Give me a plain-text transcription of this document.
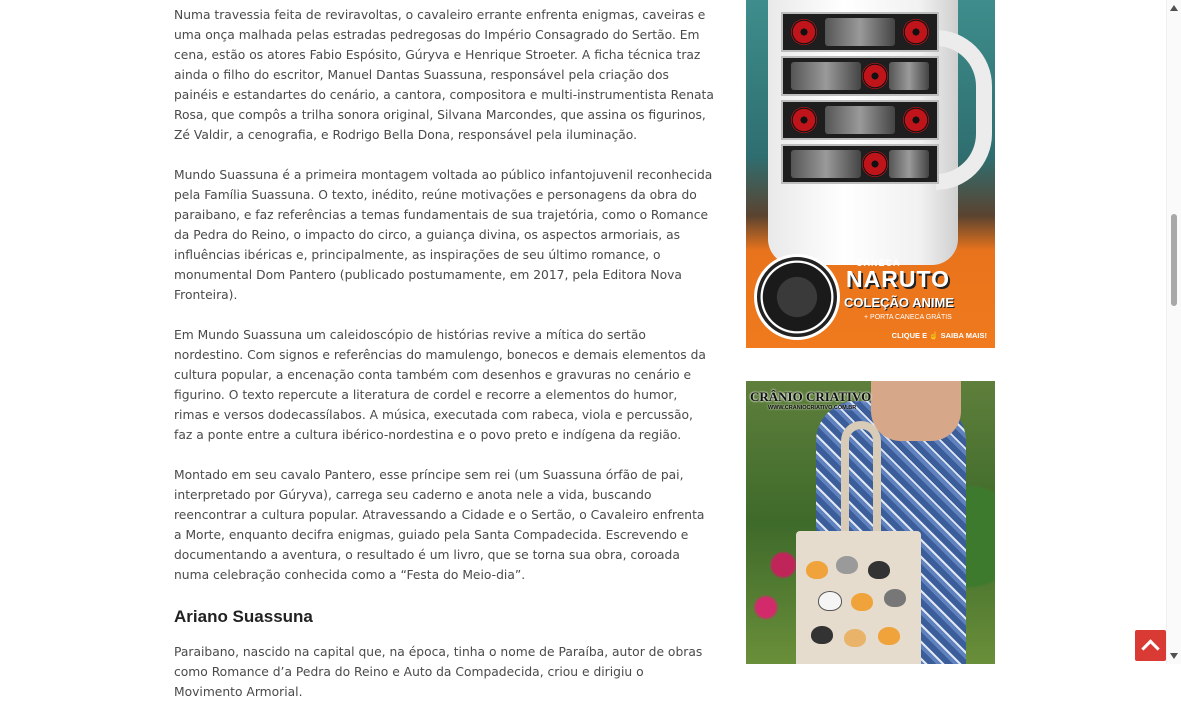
Numa travessia feita de reviravoltas, o cavaleiro errante enfrenta enigmas, caveiras e uma onça malhada pelas estradas pedregosas do Império Consagrado do Sertão. Em cena, estão os atores Fabio Espósito, Gúryva e Henrique Stroeter. A ficha técnica traz ainda o filho do escritor, Manuel Dantas Suassuna, responsável pela criação dos painéis e estandartes do cenário, a cantora, compositora e multi-instrumentista Renata Rosa, que compôs a trilha sonora original, Silvana Marcondes, que assina os figurinos, Zé Valdir, a cenografia, e Rodrigo Bella Dona, responsável pela iluminação.

Mundo Suassuna é a primeira montagem voltada ao público infantojuvenil reconhecida pela Família Suassuna. O texto, inédito, reúne motivações e personagens da obra do paraibano, e faz referências a temas fundamentais de sua trajetória, como o Romance da Pedra do Reino, o impacto do circo, a guiança divina, os aspectos armoriais, as influências ibéricas e, principalmente, as inspirações de seu último romance, o monumental Dom Pantero (publicado postumamente, em 2017, pela Editora Nova Fronteira).

Em Mundo Suassuna um caleidoscópio de histórias revive a mítica do sertão nordestino. Com signos e referências do mamulengo, bonecos e demais elementos da cultura popular, a encenação conta também com desenhos e gravuras no cenário e figurino. O texto repercute a literatura de cordel e recorre a elementos do humor, rimas e versos dodecassílabos. A música, executada com rabeca, viola e percussão, faz a ponte entre a cultura ibérico-nordestina e o povo preto e indígena da região.

Montado em seu cavalo Pantero, esse príncipe sem rei (um Suassuna órfão de pai, interpretado por Gúryva), carrega seu caderno e anota nele a vida, buscando reencontrar a cultura popular. Atravessando a Cidade e o Sertão, o Cavaleiro enfrenta a Morte, enquanto decifra enigmas, guiado pela Santa Compadecida. Escrevendo e documentando a aventura, o resultado é um livro, que se torna sua obra, coroada numa celebração conhecida como a “Festa do Meio-dia”.

Ariano Suassuna

Paraibano, nascido na capital que, na época, tinha o nome de Paraíba, autor de obras como Romance d’a Pedra do Reino e Auto da Compadecida, criou e dirigiu o Movimento Armorial.

CANECA
NARUTO
COLEÇÃO ANIME
+ PORTA CANECA GRÁTIS
CLIQUE E ☝ SAIBA MAIS!
CRÂNIO CRIATIVO
WWW.CRANIOCRIATIVO.COM.BR
